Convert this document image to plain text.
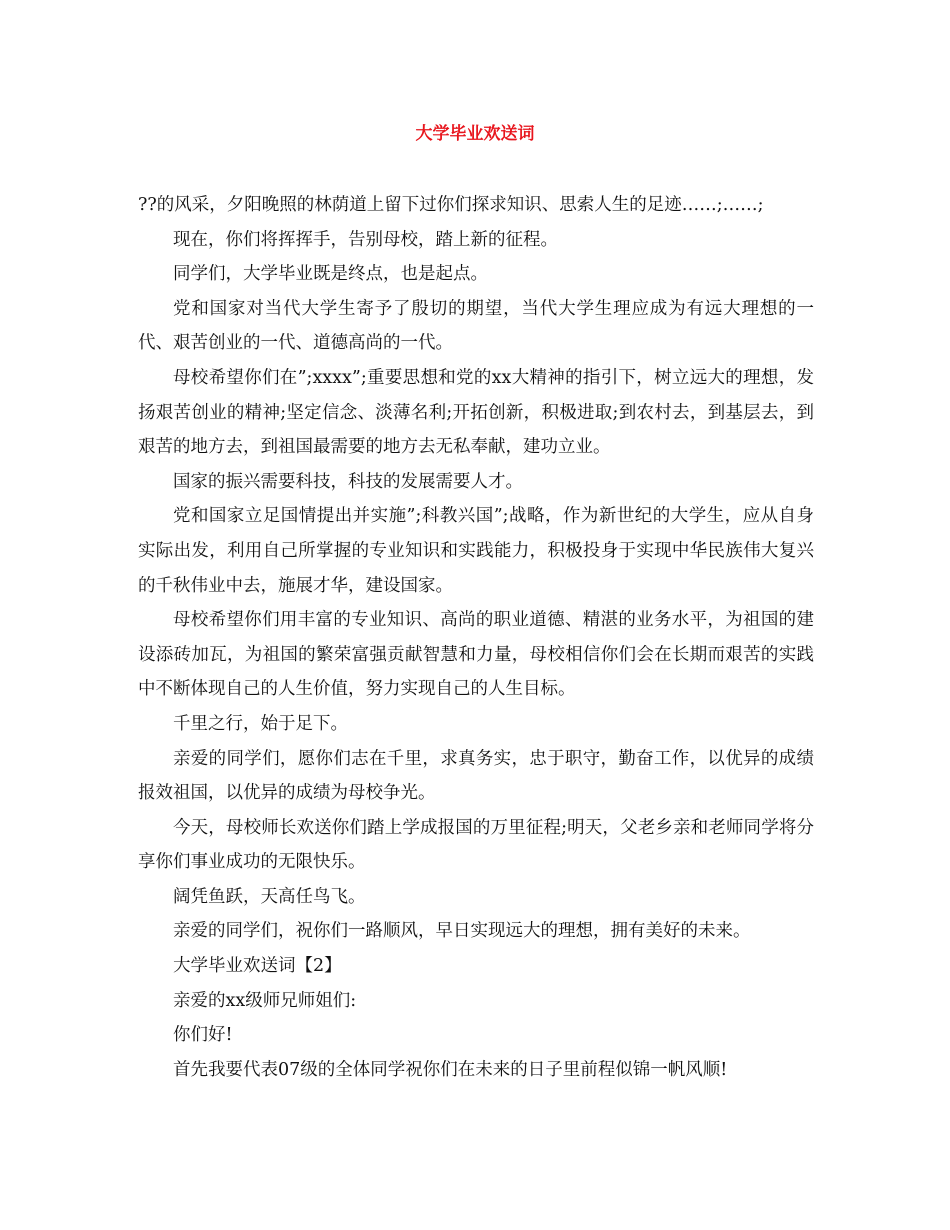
大学毕业欢送词

??的风采，夕阳晚照的林荫道上留下过你们探求知识、思索人生的足迹……;……;

现在，你们将挥挥手，告别母校，踏上新的征程。

同学们，大学毕业既是终点，也是起点。

党和国家对当代大学生寄予了殷切的期望，当代大学生理应成为有远大理想的一代、艰苦创业的一代、道德高尚的一代。

母校希望你们在”;xxxx”;重要思想和党的xx大精神的指引下，树立远大的理想，发扬艰苦创业的精神;坚定信念、淡薄名利;开拓创新，积极进取;到农村去，到基层去，到艰苦的地方去，到祖国最需要的地方去无私奉献，建功立业。

国家的振兴需要科技，科技的发展需要人才。

党和国家立足国情提出并实施”;科教兴国”;战略，作为新世纪的大学生，应从自身实际出发，利用自己所掌握的专业知识和实践能力，积极投身于实现中华民族伟大复兴的千秋伟业中去，施展才华，建设国家。

母校希望你们用丰富的专业知识、高尚的职业道德、精湛的业务水平，为祖国的建设添砖加瓦，为祖国的繁荣富强贡献智慧和力量，母校相信你们会在长期而艰苦的实践中不断体现自己的人生价值，努力实现自己的人生目标。

千里之行，始于足下。

亲爱的同学们，愿你们志在千里，求真务实，忠于职守，勤奋工作，以优异的成绩报效祖国，以优异的成绩为母校争光。

今天，母校师长欢送你们踏上学成报国的万里征程;明天，父老乡亲和老师同学将分享你们事业成功的无限快乐。

阔凭鱼跃，天高任鸟飞。

亲爱的同学们，祝你们一路顺风，早日实现远大的理想，拥有美好的未来。

大学毕业欢送词【2】

亲爱的xx级师兄师姐们:

你们好!

首先我要代表07级的全体同学祝你们在未来的日子里前程似锦一帆风顺!
